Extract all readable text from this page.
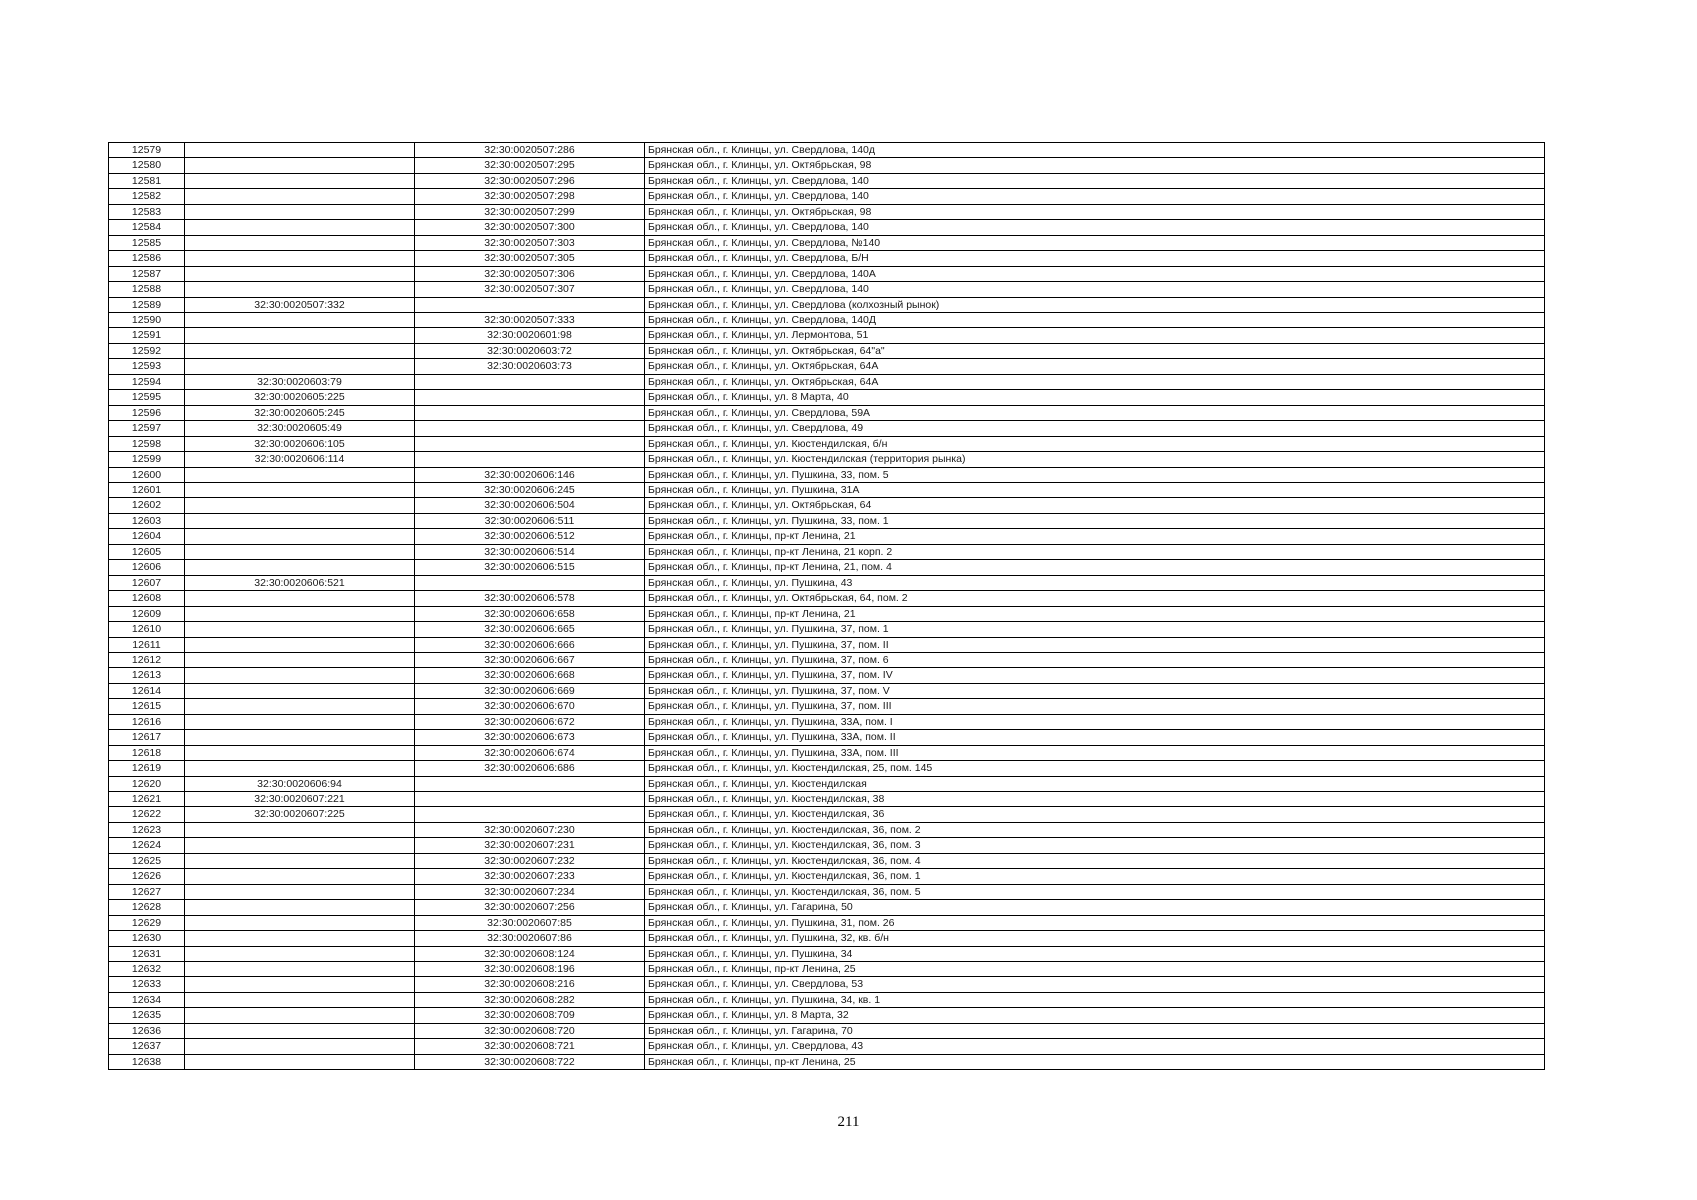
12579		32:30:0020507:286	Брянская обл., г. Клинцы, ул. Свердлова, 140д
12580		32:30:0020507:295	Брянская обл., г. Клинцы, ул. Октябрьская, 98
12581		32:30:0020507:296	Брянская обл., г. Клинцы, ул. Свердлова, 140
12582		32:30:0020507:298	Брянская обл., г. Клинцы, ул. Свердлова, 140
12583		32:30:0020507:299	Брянская обл., г. Клинцы, ул. Октябрьская, 98
12584		32:30:0020507:300	Брянская обл., г. Клинцы, ул. Свердлова, 140
12585		32:30:0020507:303	Брянская обл., г. Клинцы, ул. Свердлова, №140
12586		32:30:0020507:305	Брянская обл., г. Клинцы, ул. Свердлова, Б/Н
12587		32:30:0020507:306	Брянская обл., г. Клинцы, ул. Свердлова, 140А
12588		32:30:0020507:307	Брянская обл., г. Клинцы, ул. Свердлова, 140
12589	32:30:0020507:332		Брянская обл., г. Клинцы, ул. Свердлова (колхозный рынок)
12590		32:30:0020507:333	Брянская обл., г. Клинцы, ул. Свердлова, 140Д
12591		32:30:0020601:98	Брянская обл., г. Клинцы, ул. Лермонтова, 51
12592		32:30:0020603:72	Брянская обл., г. Клинцы, ул. Октябрьская, 64"а"
12593		32:30:0020603:73	Брянская обл., г. Клинцы, ул. Октябрьская, 64А
12594	32:30:0020603:79		Брянская обл., г. Клинцы, ул. Октябрьская, 64А
12595	32:30:0020605:225		Брянская обл., г. Клинцы, ул. 8 Марта, 40
12596	32:30:0020605:245		Брянская обл., г. Клинцы, ул. Свердлова, 59А
12597	32:30:0020605:49		Брянская обл., г. Клинцы, ул. Свердлова, 49
12598	32:30:0020606:105		Брянская обл., г. Клинцы, ул. Кюстендилская, б/н
12599	32:30:0020606:114		Брянская обл., г. Клинцы, ул. Кюстендилская (территория рынка)
12600		32:30:0020606:146	Брянская обл., г. Клинцы, ул. Пушкина, 33, пом. 5
12601		32:30:0020606:245	Брянская обл., г. Клинцы, ул. Пушкина, 31А
12602		32:30:0020606:504	Брянская обл., г. Клинцы, ул. Октябрьская, 64
12603		32:30:0020606:511	Брянская обл., г. Клинцы, ул. Пушкина, 33, пом. 1
12604		32:30:0020606:512	Брянская обл., г. Клинцы, пр-кт Ленина, 21
12605		32:30:0020606:514	Брянская обл., г. Клинцы, пр-кт Ленина, 21 корп. 2
12606		32:30:0020606:515	Брянская обл., г. Клинцы, пр-кт Ленина, 21, пом. 4
12607	32:30:0020606:521		Брянская обл., г. Клинцы, ул. Пушкина, 43
12608		32:30:0020606:578	Брянская обл., г. Клинцы, ул. Октябрьская, 64, пом. 2
12609		32:30:0020606:658	Брянская обл., г. Клинцы, пр-кт Ленина, 21
12610		32:30:0020606:665	Брянская обл., г. Клинцы, ул. Пушкина, 37, пом. 1
12611		32:30:0020606:666	Брянская обл., г. Клинцы, ул. Пушкина, 37, пом. II
12612		32:30:0020606:667	Брянская обл., г. Клинцы, ул. Пушкина, 37, пом. 6
12613		32:30:0020606:668	Брянская обл., г. Клинцы, ул. Пушкина, 37, пом. IV
12614		32:30:0020606:669	Брянская обл., г. Клинцы, ул. Пушкина, 37, пом. V
12615		32:30:0020606:670	Брянская обл., г. Клинцы, ул. Пушкина, 37, пом. III
12616		32:30:0020606:672	Брянская обл., г. Клинцы, ул. Пушкина, 33А, пом. I
12617		32:30:0020606:673	Брянская обл., г. Клинцы, ул. Пушкина, 33А, пом. II
12618		32:30:0020606:674	Брянская обл., г. Клинцы, ул. Пушкина, 33А, пом. III
12619		32:30:0020606:686	Брянская обл., г. Клинцы, ул. Кюстендилская, 25, пом. 145
12620	32:30:0020606:94		Брянская обл., г. Клинцы, ул. Кюстендилская
12621	32:30:0020607:221		Брянская обл., г. Клинцы, ул. Кюстендилская, 38
12622	32:30:0020607:225		Брянская обл., г. Клинцы, ул. Кюстендилская, 36
12623		32:30:0020607:230	Брянская обл., г. Клинцы, ул. Кюстендилская, 36, пом. 2
12624		32:30:0020607:231	Брянская обл., г. Клинцы, ул. Кюстендилская, 36, пом. 3
12625		32:30:0020607:232	Брянская обл., г. Клинцы, ул. Кюстендилская, 36, пом. 4
12626		32:30:0020607:233	Брянская обл., г. Клинцы, ул. Кюстендилская, 36, пом. 1
12627		32:30:0020607:234	Брянская обл., г. Клинцы, ул. Кюстендилская, 36, пом. 5
12628		32:30:0020607:256	Брянская обл., г. Клинцы, ул. Гагарина, 50
12629		32:30:0020607:85	Брянская обл., г. Клинцы, ул. Пушкина, 31, пом. 26
12630		32:30:0020607:86	Брянская обл., г. Клинцы, ул. Пушкина, 32, кв. б/н
12631		32:30:0020608:124	Брянская обл., г. Клинцы, ул. Пушкина, 34
12632		32:30:0020608:196	Брянская обл., г. Клинцы, пр-кт Ленина, 25
12633		32:30:0020608:216	Брянская обл., г. Клинцы, ул. Свердлова, 53
12634		32:30:0020608:282	Брянская обл., г. Клинцы, ул. Пушкина, 34, кв. 1
12635		32:30:0020608:709	Брянская обл., г. Клинцы, ул. 8 Марта, 32
12636		32:30:0020608:720	Брянская обл., г. Клинцы, ул. Гагарина, 70
12637		32:30:0020608:721	Брянская обл., г. Клинцы, ул. Свердлова, 43
12638		32:30:0020608:722	Брянская обл., г. Клинцы, пр-кт Ленина, 25
211
